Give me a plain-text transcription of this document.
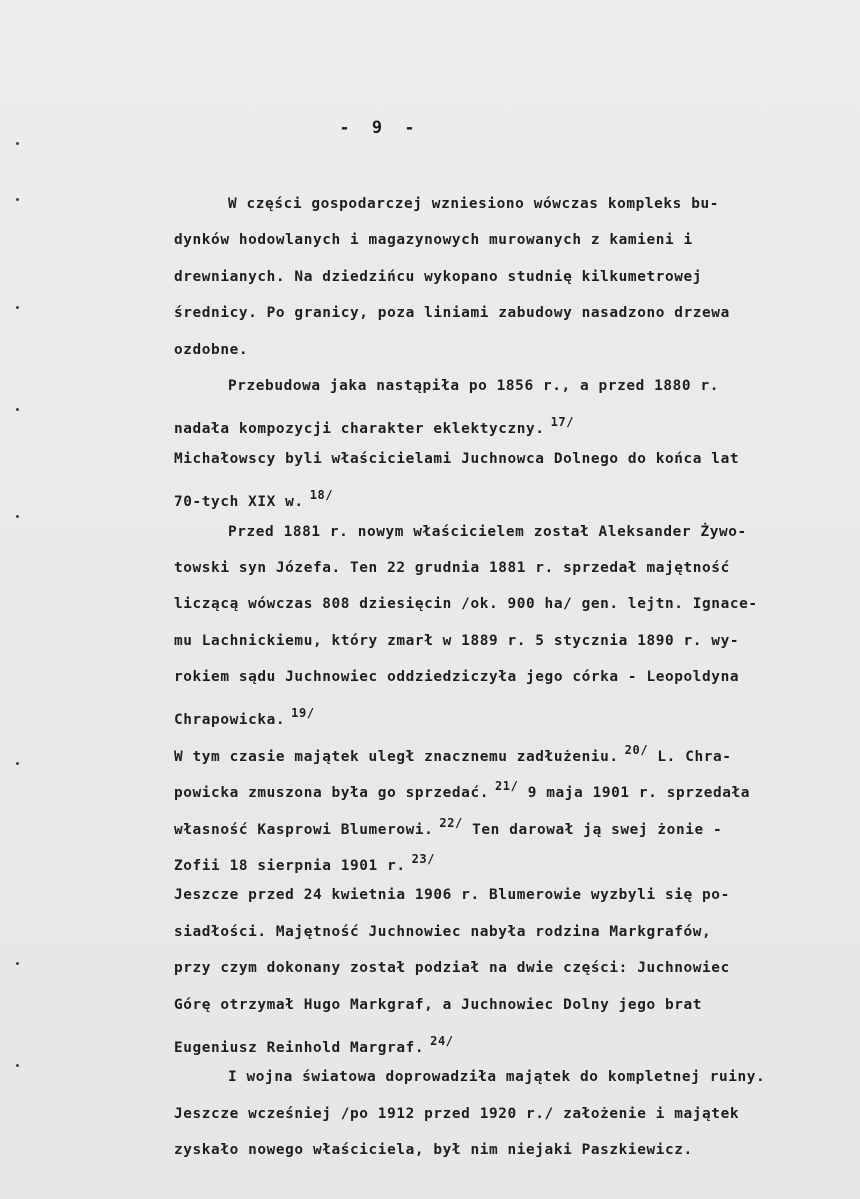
- 9 -
W części gospodarczej wzniesiono wówczas kompleks bu-
dynków hodowlanych i magazynowych murowanych z kamieni i
drewnianych. Na dziedzińcu wykopano studnię kilkumetrowej
średnicy. Po granicy, poza liniami zabudowy nasadzono drzewa
ozdobne.
Przebudowa jaka nastąpiła po 1856 r., a przed 1880 r.
nadała kompozycji charakter eklektyczny. $^{17/}$
Michałowscy byli właścicielami Juchnowca Dolnego do końca lat
70-tych XIX w. $^{18/}$
Przed 1881 r. nowym właścicielem został Aleksander Żywo-
towski syn Józefa. Ten 22 grudnia 1881 r. sprzedał majętność
liczącą wówczas 808 dziesięcin /ok. 900 ha/ gen. lejtn. Ignace-
mu Lachnickiemu, który zmarł w 1889 r. 5 stycznia 1890 r. wy-
rokiem sądu Juchnowiec oddziedziczyła jego córka - Leopoldyna
Chrapowicka. $^{19/}$
W tym czasie majątek uległ znacznemu zadłużeniu. $^{20/}$ L. Chra-
powicka zmuszona była go sprzedać. $^{21/}$ 9 maja 1901 r. sprzedała
własność Kasprowi Blumerowi. $^{22/}$ Ten darował ją swej żonie -
Zofii 18 sierpnia 1901 r. $^{23/}$
Jeszcze przed 24 kwietnia 1906 r. Blumerowie wyzbyli się po-
siadłości. Majętność Juchnowiec nabyła rodzina Markgrafów,
przy czym dokonany został podział na dwie części: Juchnowiec
Górę otrzymał Hugo Markgraf, a Juchnowiec Dolny jego brat
Eugeniusz Reinhold Margraf. $^{24/}$
I wojna światowa doprowadziła majątek do kompletnej ruiny.
Jeszcze wcześniej /po 1912 przed 1920 r./ założenie i majątek
zyskało nowego właściciela, był nim niejaki Paszkiewicz.
